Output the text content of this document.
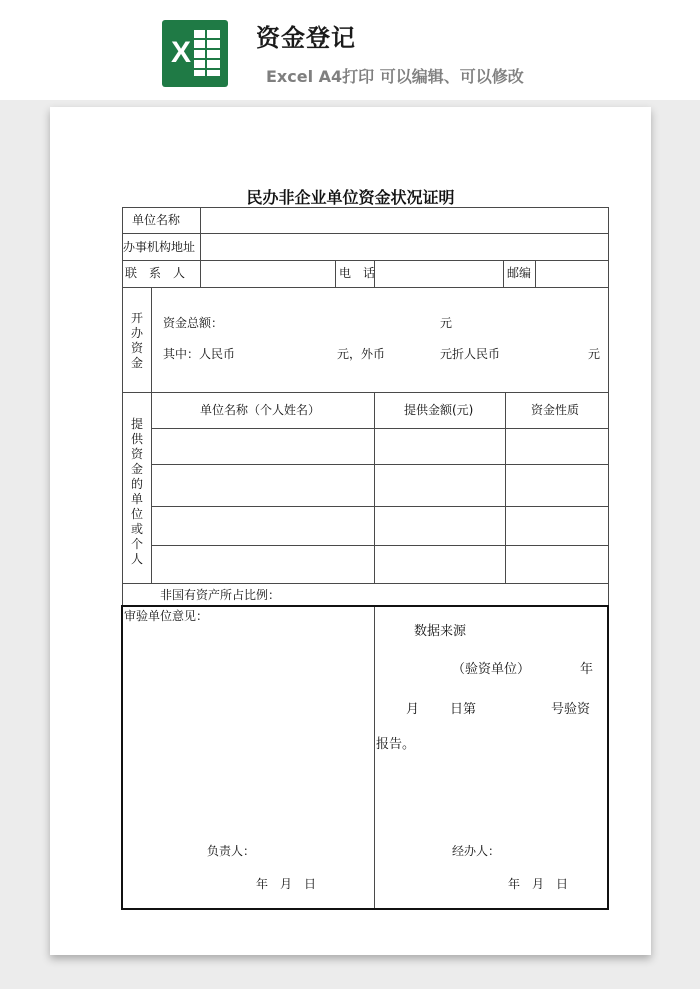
X	资金登记
Excel A4打印 可以编辑、可以修改
民办非企业单位资金状况证明
单位名称
办事机构地址
联　系　人	电　话	邮编
开办资金
资金总额：	元
其中：人民币	元，外币	元折人民币	元
提供资金的单位或个人
单位名称（个人姓名）	提供金额(元)	资金性质
非国有资产所占比例：
审验单位意见：
数据来源
（验资单位）	年
月 日第	号验资
报告。
负责人：	经办人：
年　月　日	年　月　日
